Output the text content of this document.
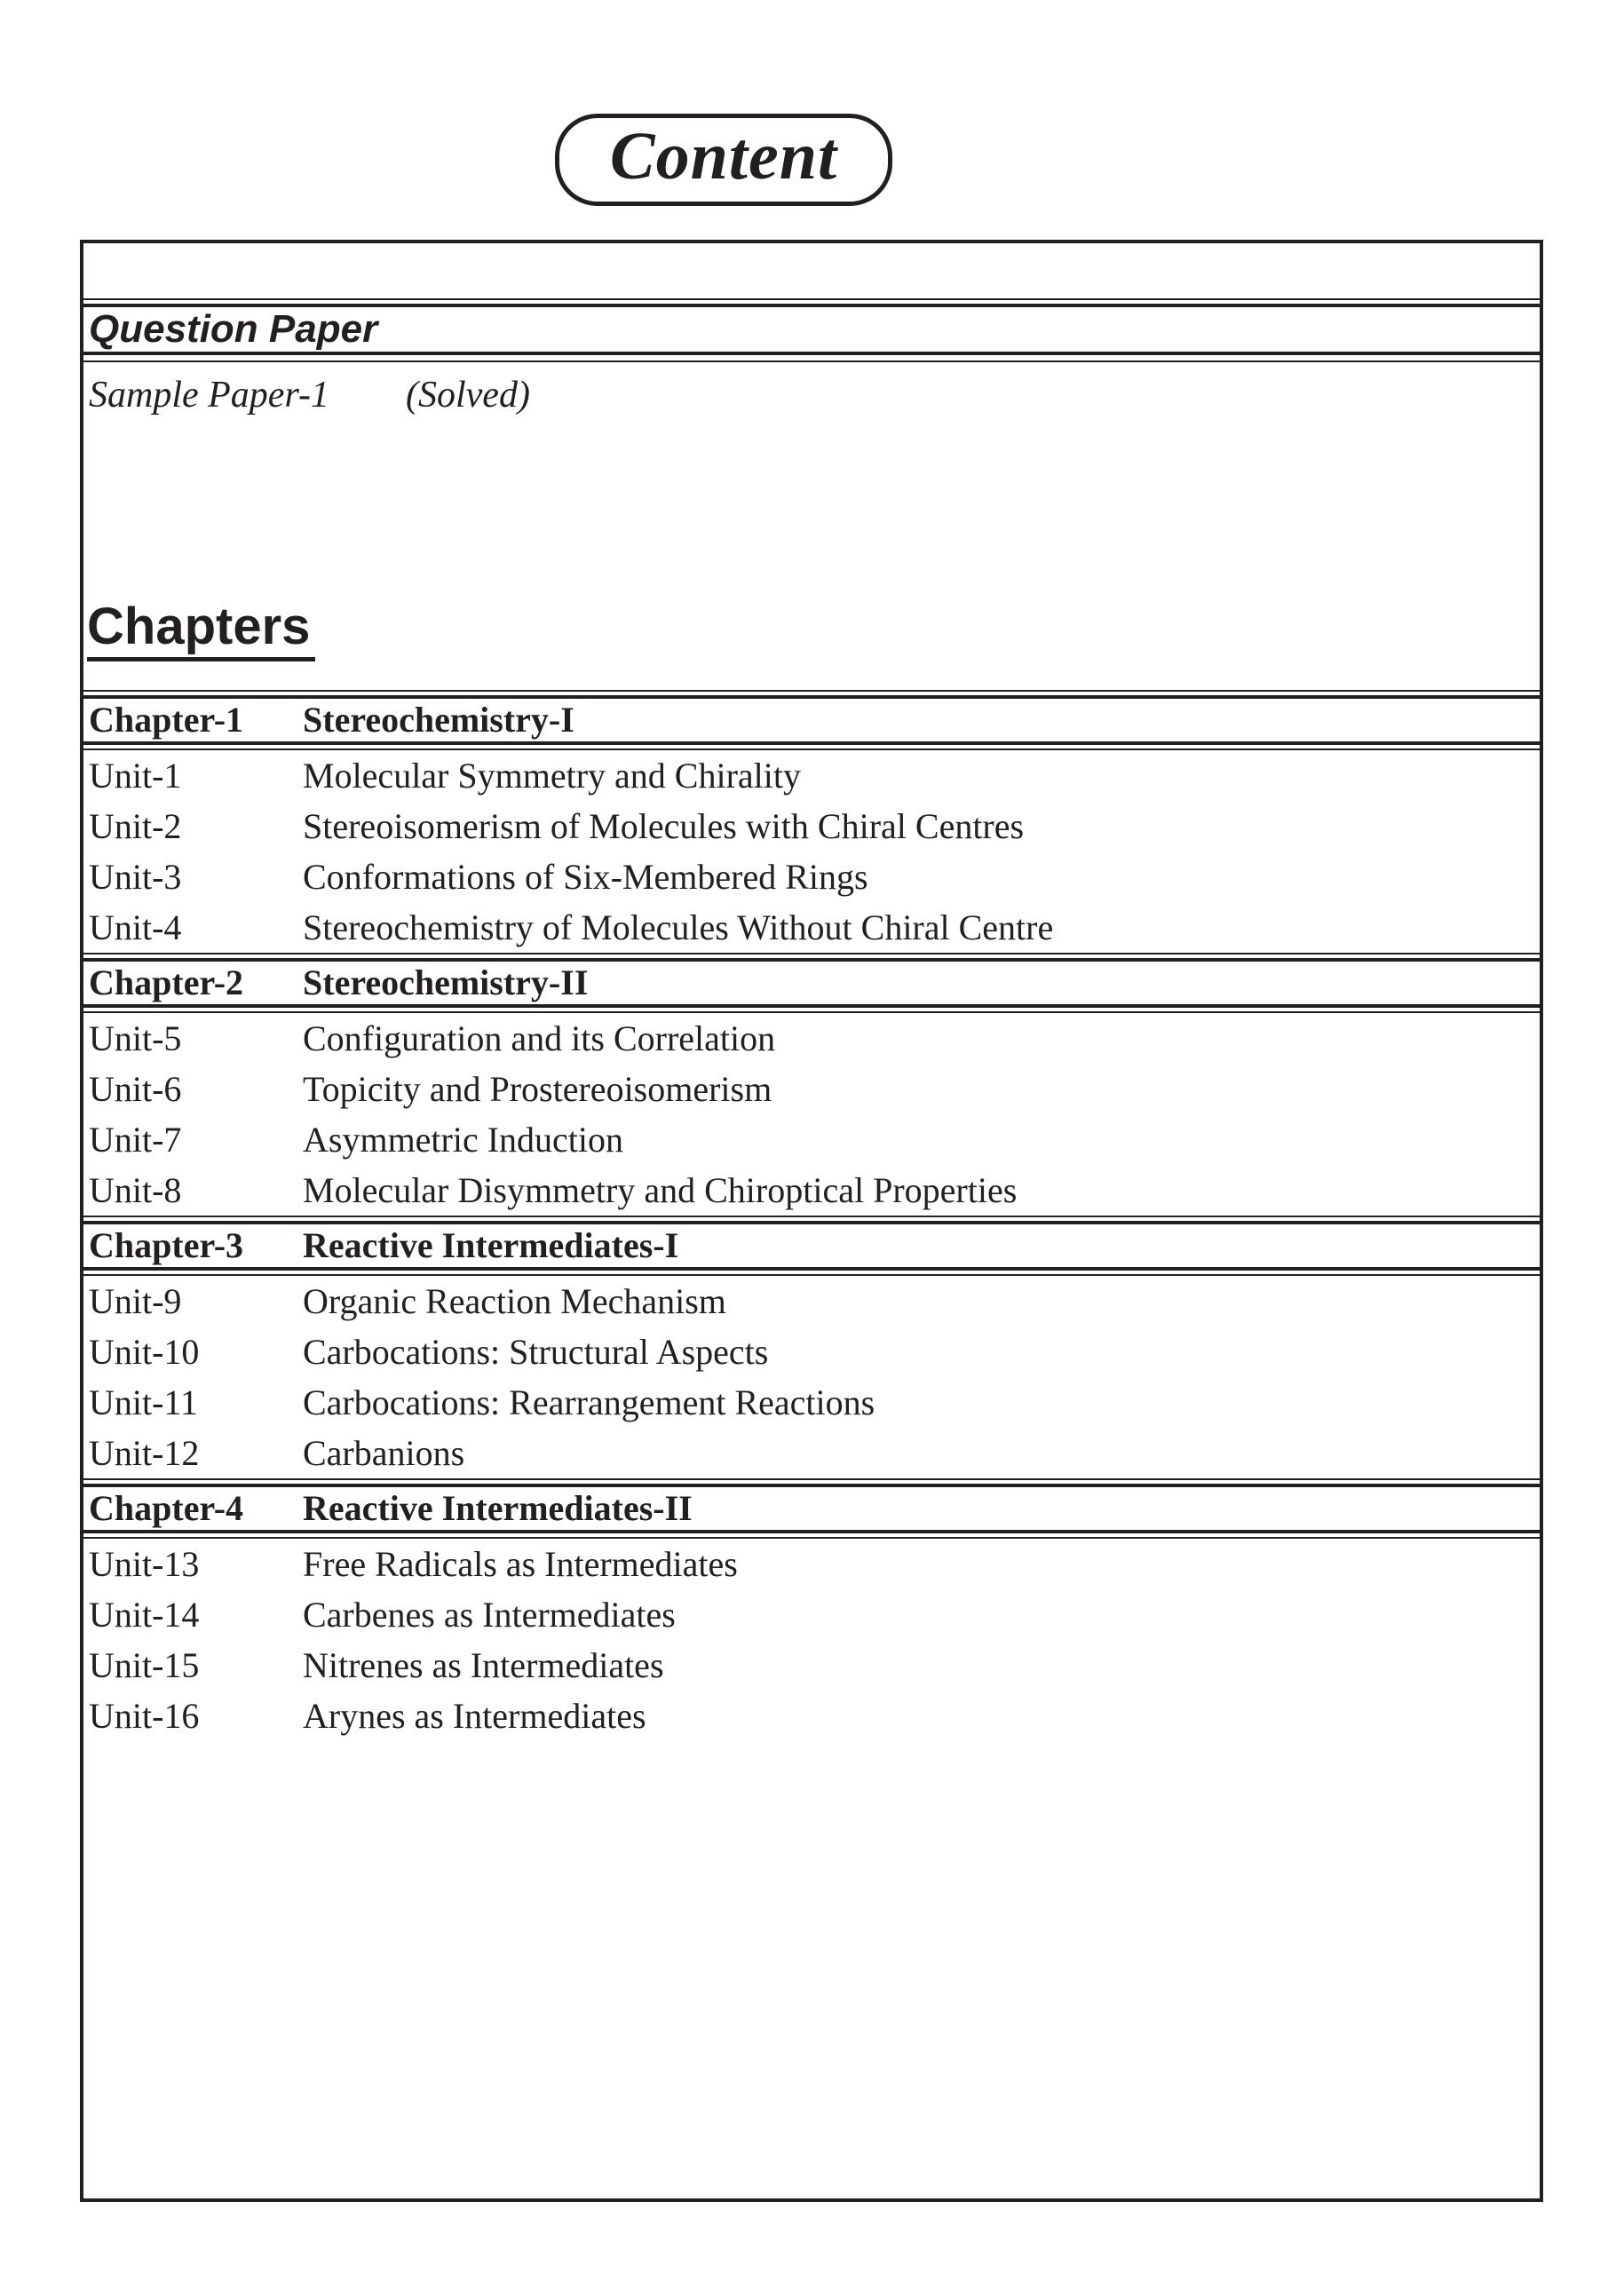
Content
Question Paper
Sample Paper-1	(Solved)
Chapters
Chapter-1	Stereochemistry-I
Unit-1	Molecular Symmetry and Chirality
Unit-2	Stereoisomerism of Molecules with Chiral Centres
Unit-3	Conformations of Six-Membered Rings
Unit-4	Stereochemistry of Molecules Without Chiral Centre
Chapter-2	Stereochemistry-II
Unit-5	Configuration and its Correlation
Unit-6	Topicity and Prostereoisomerism
Unit-7	Asymmetric Induction
Unit-8	Molecular Disymmetry and Chiroptical Properties
Chapter-3	Reactive Intermediates-I
Unit-9	Organic Reaction Mechanism
Unit-10	Carbocations: Structural Aspects
Unit-11	Carbocations: Rearrangement Reactions
Unit-12	Carbanions
Chapter-4	Reactive Intermediates-II
Unit-13	Free Radicals as Intermediates
Unit-14	Carbenes as Intermediates
Unit-15	Nitrenes as Intermediates
Unit-16	Arynes as Intermediates
